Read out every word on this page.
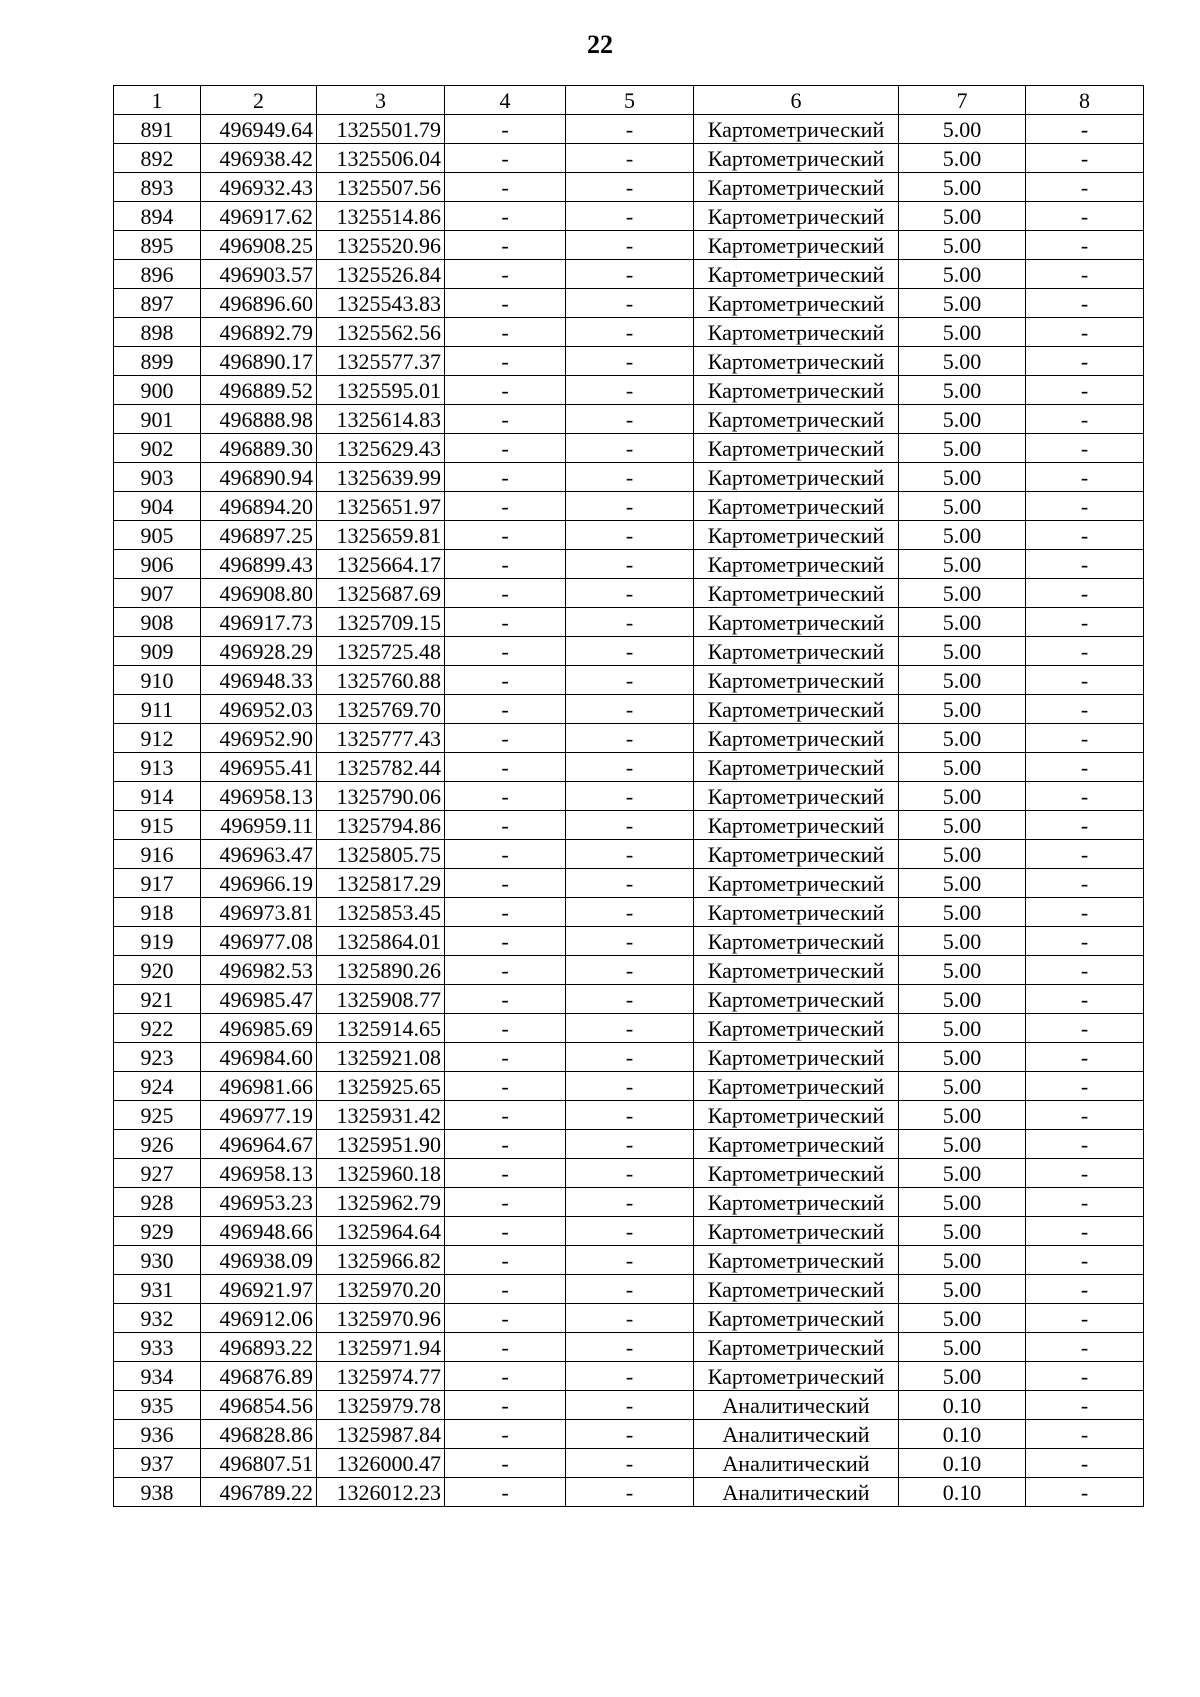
22
1	2	3	4	5	6	7	8
891	496949.64	1325501.79	-	-	Картометрический	5.00	-
892	496938.42	1325506.04	-	-	Картометрический	5.00	-
893	496932.43	1325507.56	-	-	Картометрический	5.00	-
894	496917.62	1325514.86	-	-	Картометрический	5.00	-
895	496908.25	1325520.96	-	-	Картометрический	5.00	-
896	496903.57	1325526.84	-	-	Картометрический	5.00	-
897	496896.60	1325543.83	-	-	Картометрический	5.00	-
898	496892.79	1325562.56	-	-	Картометрический	5.00	-
899	496890.17	1325577.37	-	-	Картометрический	5.00	-
900	496889.52	1325595.01	-	-	Картометрический	5.00	-
901	496888.98	1325614.83	-	-	Картометрический	5.00	-
902	496889.30	1325629.43	-	-	Картометрический	5.00	-
903	496890.94	1325639.99	-	-	Картометрический	5.00	-
904	496894.20	1325651.97	-	-	Картометрический	5.00	-
905	496897.25	1325659.81	-	-	Картометрический	5.00	-
906	496899.43	1325664.17	-	-	Картометрический	5.00	-
907	496908.80	1325687.69	-	-	Картометрический	5.00	-
908	496917.73	1325709.15	-	-	Картометрический	5.00	-
909	496928.29	1325725.48	-	-	Картометрический	5.00	-
910	496948.33	1325760.88	-	-	Картометрический	5.00	-
911	496952.03	1325769.70	-	-	Картометрический	5.00	-
912	496952.90	1325777.43	-	-	Картометрический	5.00	-
913	496955.41	1325782.44	-	-	Картометрический	5.00	-
914	496958.13	1325790.06	-	-	Картометрический	5.00	-
915	496959.11	1325794.86	-	-	Картометрический	5.00	-
916	496963.47	1325805.75	-	-	Картометрический	5.00	-
917	496966.19	1325817.29	-	-	Картометрический	5.00	-
918	496973.81	1325853.45	-	-	Картометрический	5.00	-
919	496977.08	1325864.01	-	-	Картометрический	5.00	-
920	496982.53	1325890.26	-	-	Картометрический	5.00	-
921	496985.47	1325908.77	-	-	Картометрический	5.00	-
922	496985.69	1325914.65	-	-	Картометрический	5.00	-
923	496984.60	1325921.08	-	-	Картометрический	5.00	-
924	496981.66	1325925.65	-	-	Картометрический	5.00	-
925	496977.19	1325931.42	-	-	Картометрический	5.00	-
926	496964.67	1325951.90	-	-	Картометрический	5.00	-
927	496958.13	1325960.18	-	-	Картометрический	5.00	-
928	496953.23	1325962.79	-	-	Картометрический	5.00	-
929	496948.66	1325964.64	-	-	Картометрический	5.00	-
930	496938.09	1325966.82	-	-	Картометрический	5.00	-
931	496921.97	1325970.20	-	-	Картометрический	5.00	-
932	496912.06	1325970.96	-	-	Картометрический	5.00	-
933	496893.22	1325971.94	-	-	Картометрический	5.00	-
934	496876.89	1325974.77	-	-	Картометрический	5.00	-
935	496854.56	1325979.78	-	-	Аналитический	0.10	-
936	496828.86	1325987.84	-	-	Аналитический	0.10	-
937	496807.51	1326000.47	-	-	Аналитический	0.10	-
938	496789.22	1326012.23	-	-	Аналитический	0.10	-
